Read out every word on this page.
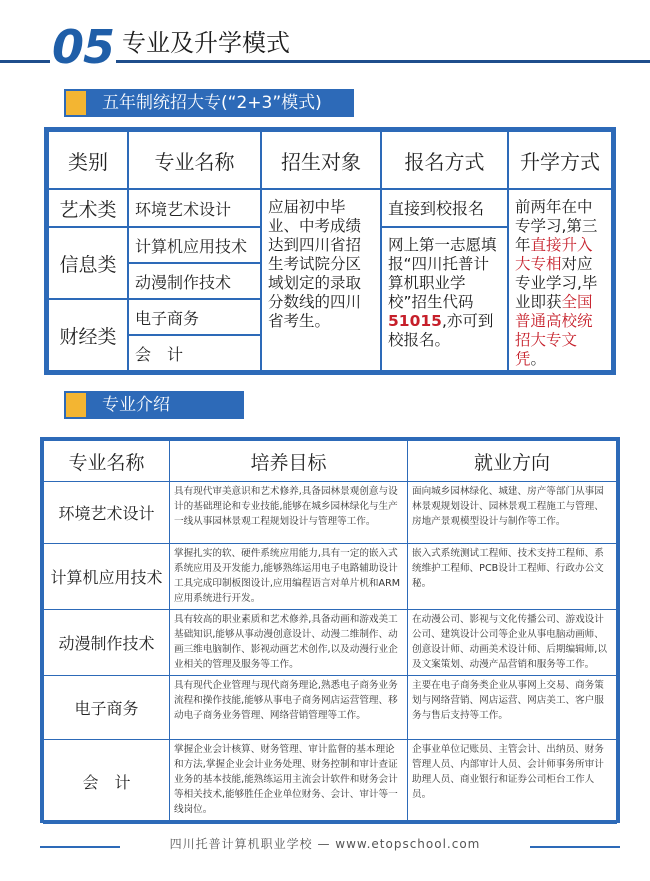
05 专业及升学模式
五年制统招大专(“2+3”模式)
类别	专业名称	招生对象	报名方式	升学方式
艺术类	环境艺术设计	应届初中毕业、中考成绩达到四川省招生考试院分区域划定的录取分数线的四川省考生。	直接到校报名	前两年在中专学习,第三年直接升入大专相对应专业学习,毕业即获全国普通高校统招大专文凭。
信息类	计算机应用技术		网上第一志愿填报“四川托普计算机职业学校”招生代码51015,亦可到校报名。	
	动漫制作技术			
财经类	电子商务			
	会　计			
专业介绍
专业名称	培养目标	就业方向
环境艺术设计	具有现代审美意识和艺术修养,具备园林景观创意与设计的基础理论和专业技能,能够在城乡园林绿化与生产一线从事园林景观工程规划设计与管理等工作。	面向城乡园林绿化、城建、房产等部门从事园林景观规划设计、园林景观工程施工与管理、房地产景观模型设计与制作等工作。
计算机应用技术	掌握扎实的软、硬件系统应用能力,具有一定的嵌入式系统应用及开发能力,能够熟练运用电子电路辅助设计工具完成印制板图设计,应用编程语言对单片机和ARM应用系统进行开发。	嵌入式系统测试工程师、技术支持工程师、系统维护工程师、PCB设计工程师、行政办公文秘。
动漫制作技术	具有较高的职业素质和艺术修养,具备动画和游戏美工基础知识,能够从事动漫创意设计、动漫二维制作、动画三维电脑制作、影视动画艺术创作,以及动漫行业企业相关的管理及服务等工作。	在动漫公司、影视与文化传播公司、游戏设计公司、建筑设计公司等企业从事电脑动画师、创意设计师、动画美术设计师、后期编辑师,以及文案策划、动漫产品营销和服务等工作。
电子商务	具有现代企业管理与现代商务理论,熟悉电子商务业务流程和操作技能,能够从事电子商务网店运营管理、移动电子商务业务管理、网络营销管理等工作。	主要在电子商务类企业从事网上交易、商务策划与网络营销、网店运营、网店美工、客户服务与售后支持等工作。
会　计	掌握企业会计核算、财务管理、审计监督的基本理论和方法,掌握企业会计业务处理、财务控制和审计查证业务的基本技能,能熟练运用主流会计软件和财务会计等相关技术,能够胜任企业单位财务、会计、审计等一线岗位。	企事业单位记账员、主管会计、出纳员、财务管理人员、内部审计人员、会计师事务所审计助理人员、商业银行和证券公司柜台工作人员。
四川托普计算机职业学校 — www.etopschool.com
